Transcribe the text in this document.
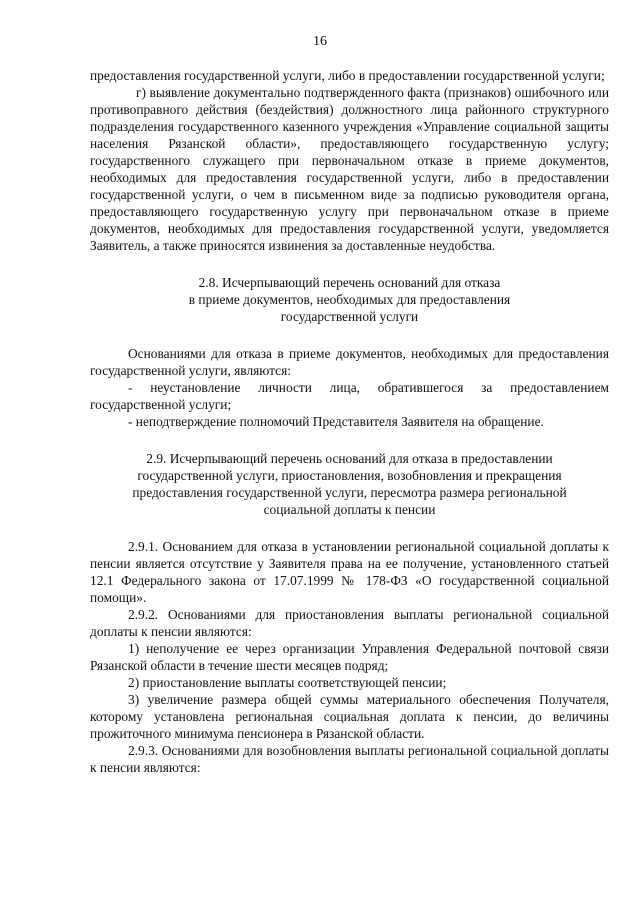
16

предоставления государственной услуги, либо в предоставлении государственной услуги;

г) выявление документально подтвержденного факта (признаков) ошибочного или противоправного действия (бездействия) должностного лица районного структурного подразделения государственного казенного учреждения «Управление социальной защиты населения Рязанской области», предоставляющего государственную услугу; государственного служащего при первоначальном отказе в приеме документов, необходимых для предоставления государственной услуги, либо в предоставлении государственной услуги, о чем в письменном виде за подписью руководителя органа, предоставляющего государственную услугу при первоначальном отказе в приеме документов, необходимых для предоставления государственной услуги, уведомляется Заявитель, а также приносятся извинения за доставленные неудобства.

2.8. Исчерпывающий перечень оснований для отказа
в приеме документов, необходимых для предоставления
государственной услуги

Основаниями для отказа в приеме документов, необходимых для предоставления государственной услуги, являются:

- неустановление личности лица, обратившегося за предоставлением государственной услуги;

- неподтверждение полномочий Представителя Заявителя на обращение.

2.9. Исчерпывающий перечень оснований для отказа в предоставлении
государственной услуги, приостановления, возобновления и прекращения
предоставления государственной услуги, пересмотра размера региональной
социальной доплаты к пенсии

2.9.1. Основанием для отказа в установлении региональной социальной доплаты к пенсии является отсутствие у Заявителя права на ее получение, установленного статьей 12.1 Федерального закона от 17.07.1999 № 178-ФЗ «О государственной социальной помощи».

2.9.2. Основаниями для приостановления выплаты региональной социальной доплаты к пенсии являются:

1) неполучение ее через организации Управления Федеральной почтовой связи Рязанской области в течение шести месяцев подряд;

2) приостановление выплаты соответствующей пенсии;

3) увеличение размера общей суммы материального обеспечения Получателя, которому установлена региональная социальная доплата к пенсии, до величины прожиточного минимума пенсионера в Рязанской области.

2.9.3. Основаниями для возобновления выплаты региональной социальной доплаты к пенсии являются:
